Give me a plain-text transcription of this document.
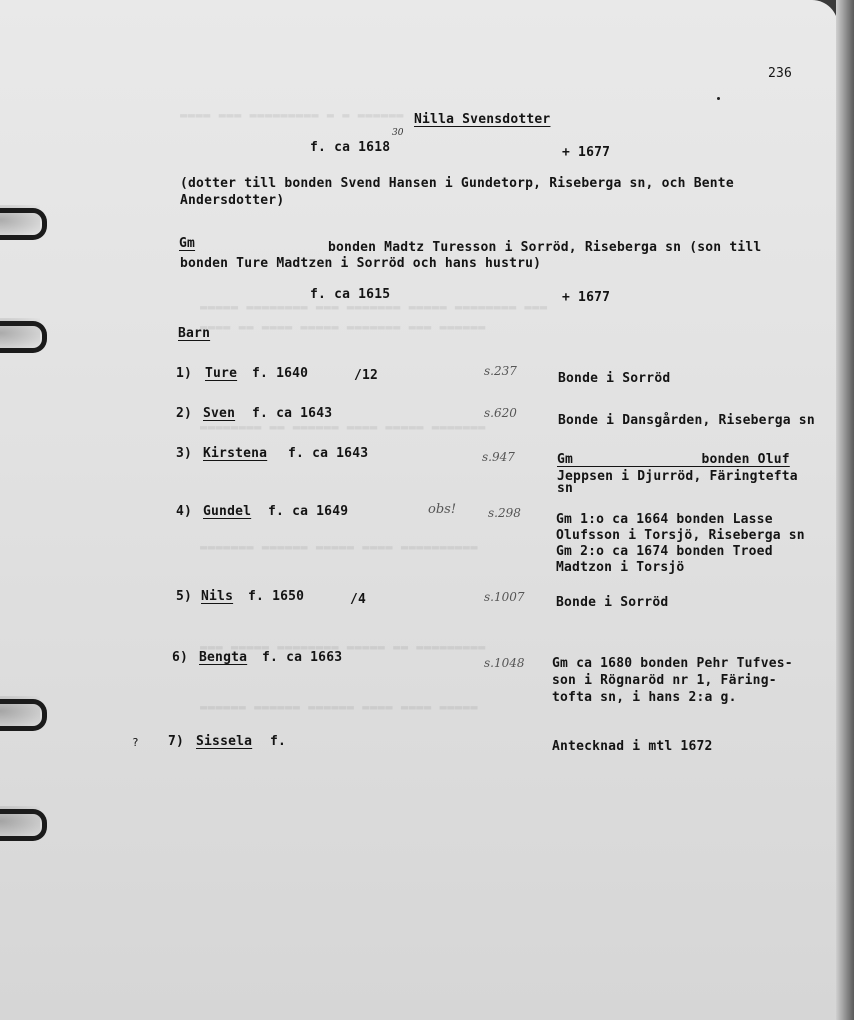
▬▬▬▬ ▬▬▬ ▬▬▬▬▬▬▬▬▬ ▬ ▬ ▬▬▬▬▬▬
▬▬▬▬▬ ▬▬▬▬▬▬▬▬ ▬▬▬ ▬▬▬▬▬▬▬ ▬▬▬▬▬ ▬▬▬▬▬▬▬▬ ▬▬▬
▬▬▬▬ ▬▬ ▬▬▬▬ ▬▬▬▬▬ ▬▬▬▬▬▬▬ ▬▬▬ ▬▬▬▬▬▬
▬▬▬▬▬▬▬▬ ▬▬ ▬▬▬▬▬▬ ▬▬▬▬ ▬▬▬▬▬ ▬▬▬▬▬▬▬
▬▬▬▬▬▬▬ ▬▬▬▬▬▬ ▬▬▬▬▬ ▬▬▬▬ ▬▬▬▬▬▬▬▬▬▬
▬▬▬ ▬▬▬▬▬ ▬▬▬▬▬▬▬▬ ▬▬▬▬▬ ▬▬ ▬▬▬▬▬▬▬▬▬
▬▬▬▬▬▬ ▬▬▬▬▬▬ ▬▬▬▬▬▬ ▬▬▬▬ ▬▬▬▬ ▬▬▬▬▬
236
Nilla Svensdotter
30
f. ca 1618	+ 1677
(dotter till bonden Svend Hansen i Gundetorp, Riseberga sn, och Bente
Andersdotter)
Gm	bonden Madtz Turesson i Sorröd, Riseberga sn (son till
bonden Ture Madtzen i Sorröd och hans hustru)
f. ca 1615	+ 1677
Barn
1) Ture f. 1640	/12	s.237	Bonde i Sorröd
2) Sven f. ca 1643	s.620	Bonde i Dansgården, Riseberga sn
3) Kirstena f. ca 1643	s.947	Gm                bonden Oluf
Jeppsen i Djurröd, Färingtefta
sn
4) Gundel f. ca 1649	obs!	s.298	Gm 1:o ca 1664 bonden Lasse
Olufsson i Torsjö, Riseberga sn
Gm 2:o ca 1674 bonden Troed
Madtzon i Torsjö
5) Nils f. 1650	/4	s.1007 Bonde i Sorröd
6) Bengta f. ca 1663	s.1048 Gm ca 1680 bonden Pehr Tufves-
son i Rögnaröd nr 1, Färing-
tofta sn, i hans 2:a g.
? 7) Sissela f.	Antecknad i mtl 1672
